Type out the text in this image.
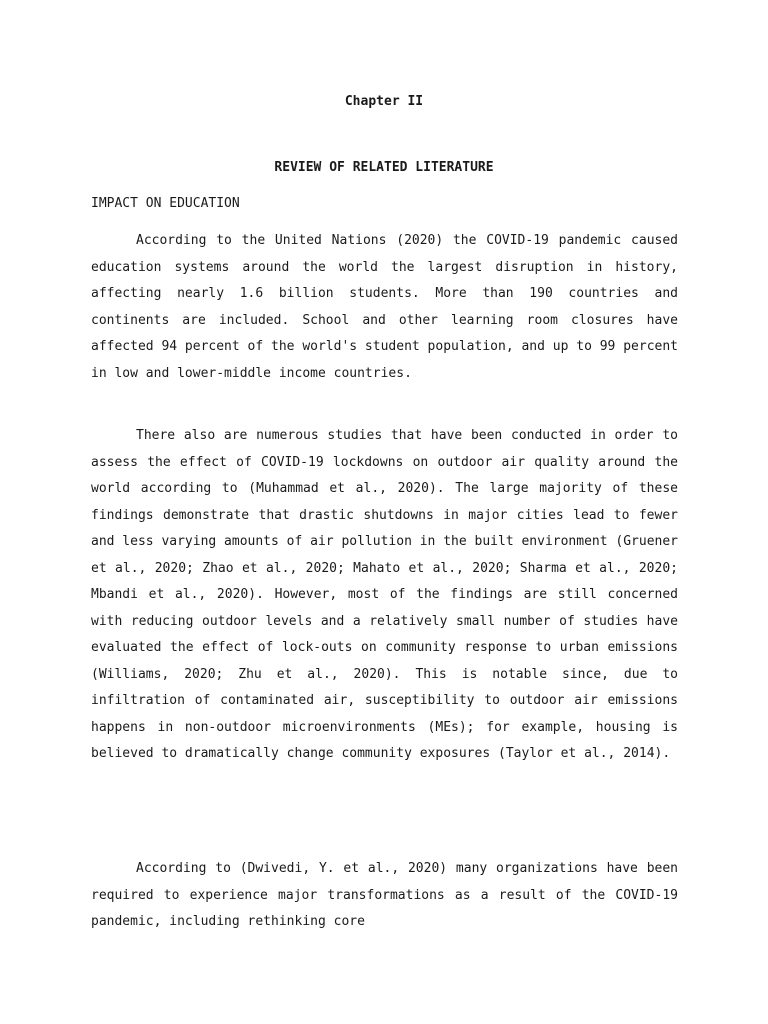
Chapter II
REVIEW OF RELATED LITERATURE
IMPACT ON EDUCATION

According to the United Nations (2020) the COVID-19 pandemic caused education systems around the world the largest disruption in history, affecting nearly 1.6 billion students. More than 190 countries and continents are included. School and other learning room closures have affected 94 percent of the world's student population, and up to 99 percent in low and lower-middle income countries.

There also are numerous studies that have been conducted in order to assess the effect of COVID-19 lockdowns on outdoor air quality around the world according to (Muhammad et al., 2020). The large majority of these findings demonstrate that drastic shutdowns in major cities lead to fewer and less varying amounts of air pollution in the built environment (Gruener et al., 2020; Zhao et al., 2020; Mahato et al., 2020; Sharma et al., 2020; Mbandi et al., 2020). However, most of the findings are still concerned with reducing outdoor levels and a relatively small number of studies have evaluated the effect of lock-outs on community response to urban emissions (Williams, 2020; Zhu et al., 2020). This is notable since, due to infiltration of contaminated air, susceptibility to outdoor air emissions happens in non-outdoor microenvironments (MEs); for example, housing is believed to dramatically change community exposures (Taylor et al., 2014).

According to (Dwivedi, Y. et al., 2020) many organizations have been required to experience major transformations as a result of the COVID-19 pandemic, including rethinking core
